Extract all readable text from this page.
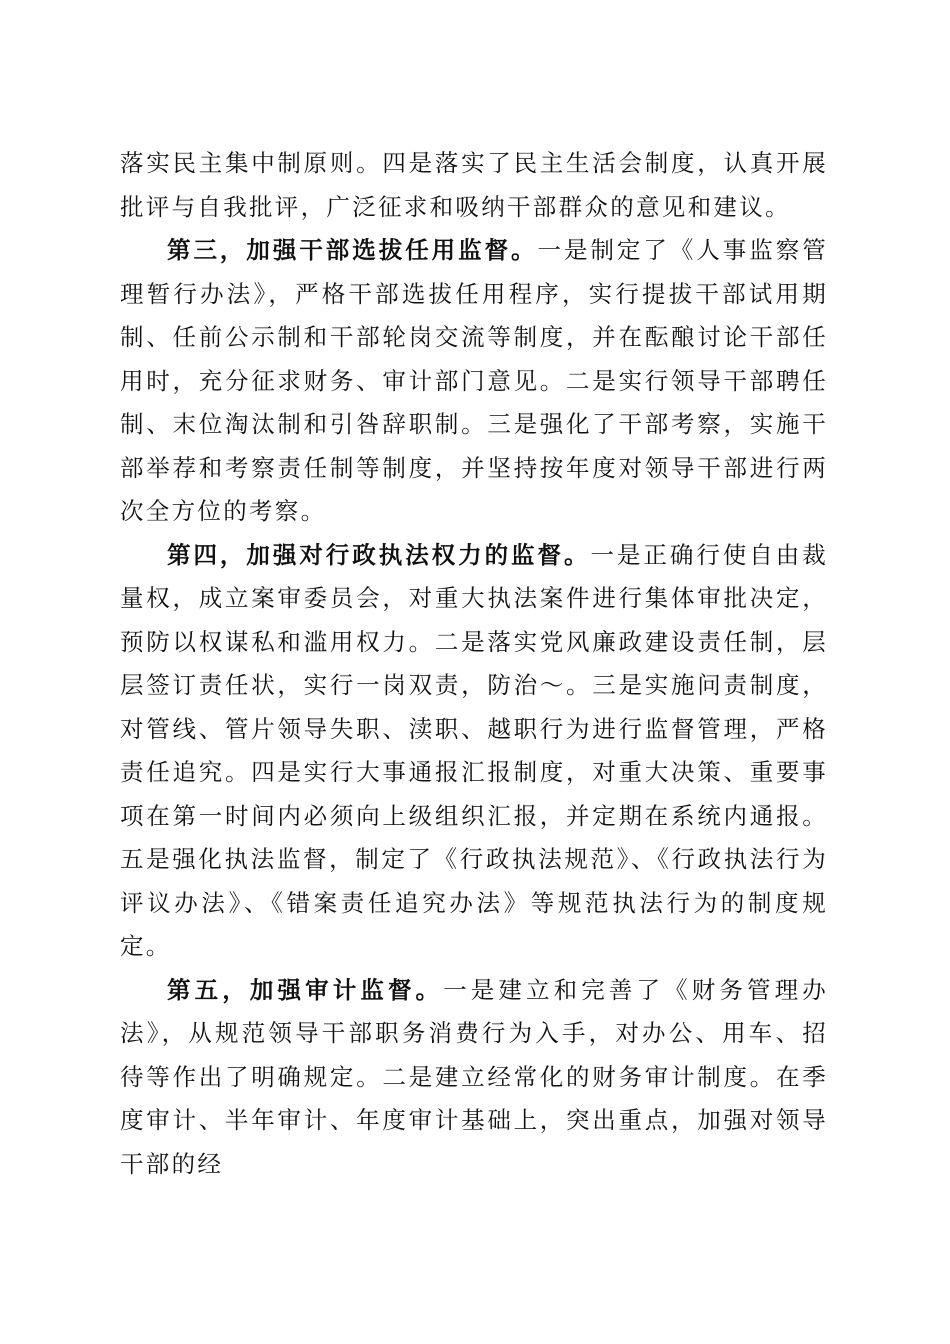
落实民主集中制原则。四是落实了民主生活会制度，认真开展批评与自我批评，广泛征求和吸纳干部群众的意见和建议。

第三，加强干部选拔任用监督。一是制定了《人事监察管理暂行办法》，严格干部选拔任用程序，实行提拔干部试用期制、任前公示制和干部轮岗交流等制度，并在酝酿讨论干部任用时，充分征求财务、审计部门意见。二是实行领导干部聘任制、末位淘汰制和引咎辞职制。三是强化了干部考察，实施干部举荐和考察责任制等制度，并坚持按年度对领导干部进行两次全方位的考察。

第四，加强对行政执法权力的监督。一是正确行使自由裁量权，成立案审委员会，对重大执法案件进行集体审批决定，预防以权谋私和滥用权力。二是落实党风廉政建设责任制，层层签订责任状，实行一岗双责，防治～。三是实施问责制度，对管线、管片领导失职、渎职、越职行为进行监督管理，严格责任追究。四是实行大事通报汇报制度，对重大决策、重要事项在第一时间内必须向上级组织汇报，并定期在系统内通报。五是强化执法监督，制定了《行政执法规范》、《行政执法行为评议办法》、《错案责任追究办法》等规范执法行为的制度规定。

第五，加强审计监督。一是建立和完善了《财务管理办法》，从规范领导干部职务消费行为入手，对办公、用车、招待等作出了明确规定。二是建立经常化的财务审计制度。在季度审计、半年审计、年度审计基础上，突出重点，加强对领导干部的经
